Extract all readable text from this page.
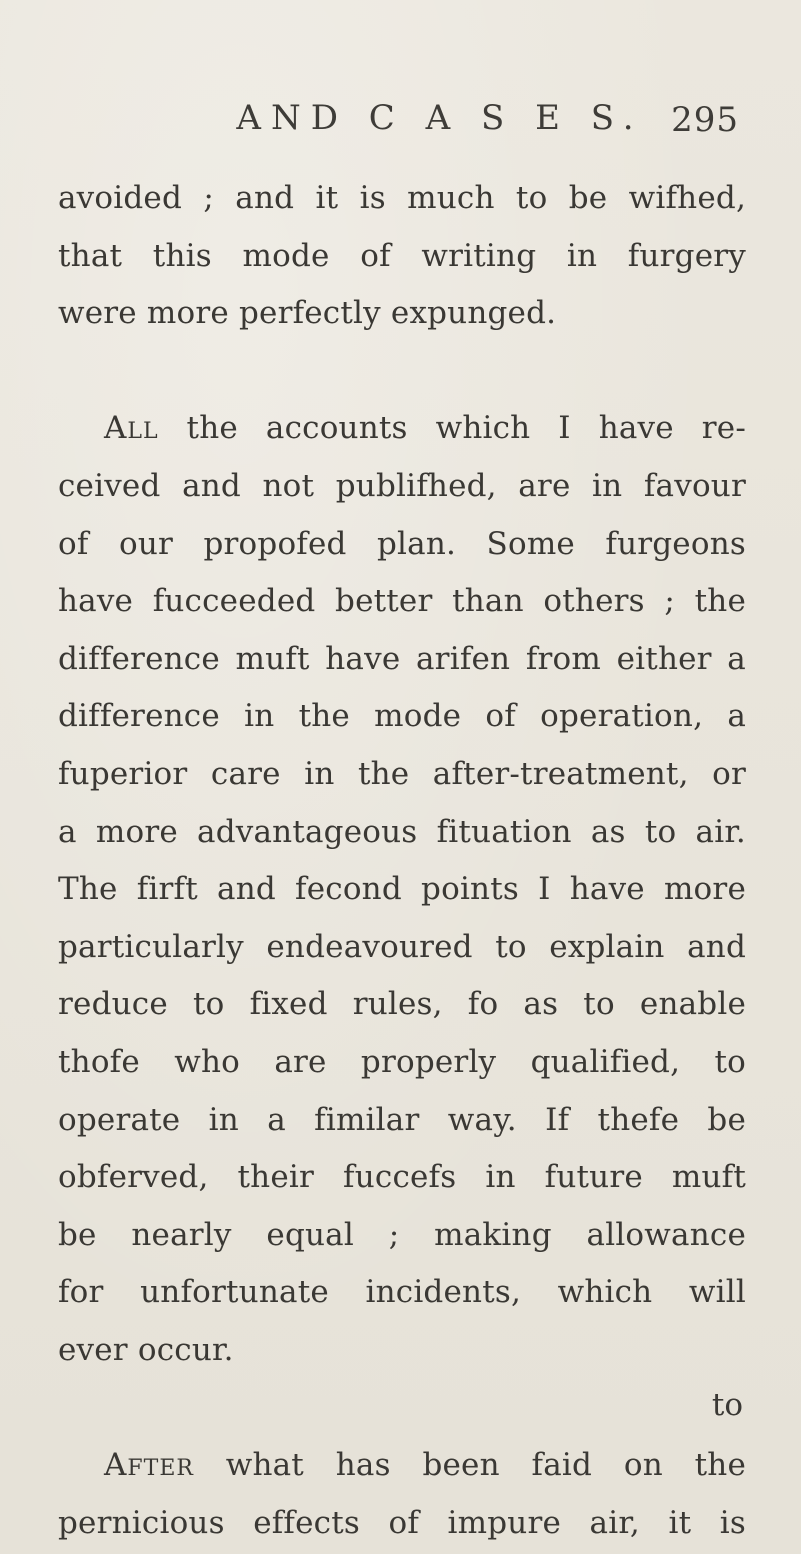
AND C A S E S. 295
avoided ; and it is much to be wifhed,
that this mode of writing in furgery
were more perfectly expunged.
All the accounts which I have re-
ceived and not publifhed, are in favour
of our propofed plan. Some furgeons
have fucceeded better than others ; the
difference muft have arifen from either a
difference in the mode of operation, a
fuperior care in the after-treatment, or
a more advantageous fituation as to air.
The firft and fecond points I have more
particularly endeavoured to explain and
reduce to fixed rules, fo as to enable
thofe who are properly qualified, to
operate in a fimilar way. If thefe be
obferved, their fuccefs in future muft
be nearly equal ; making allowance
for unfortunate incidents, which will
ever occur.
After what has been faid on the
pernicious effects of impure air, it is
to
